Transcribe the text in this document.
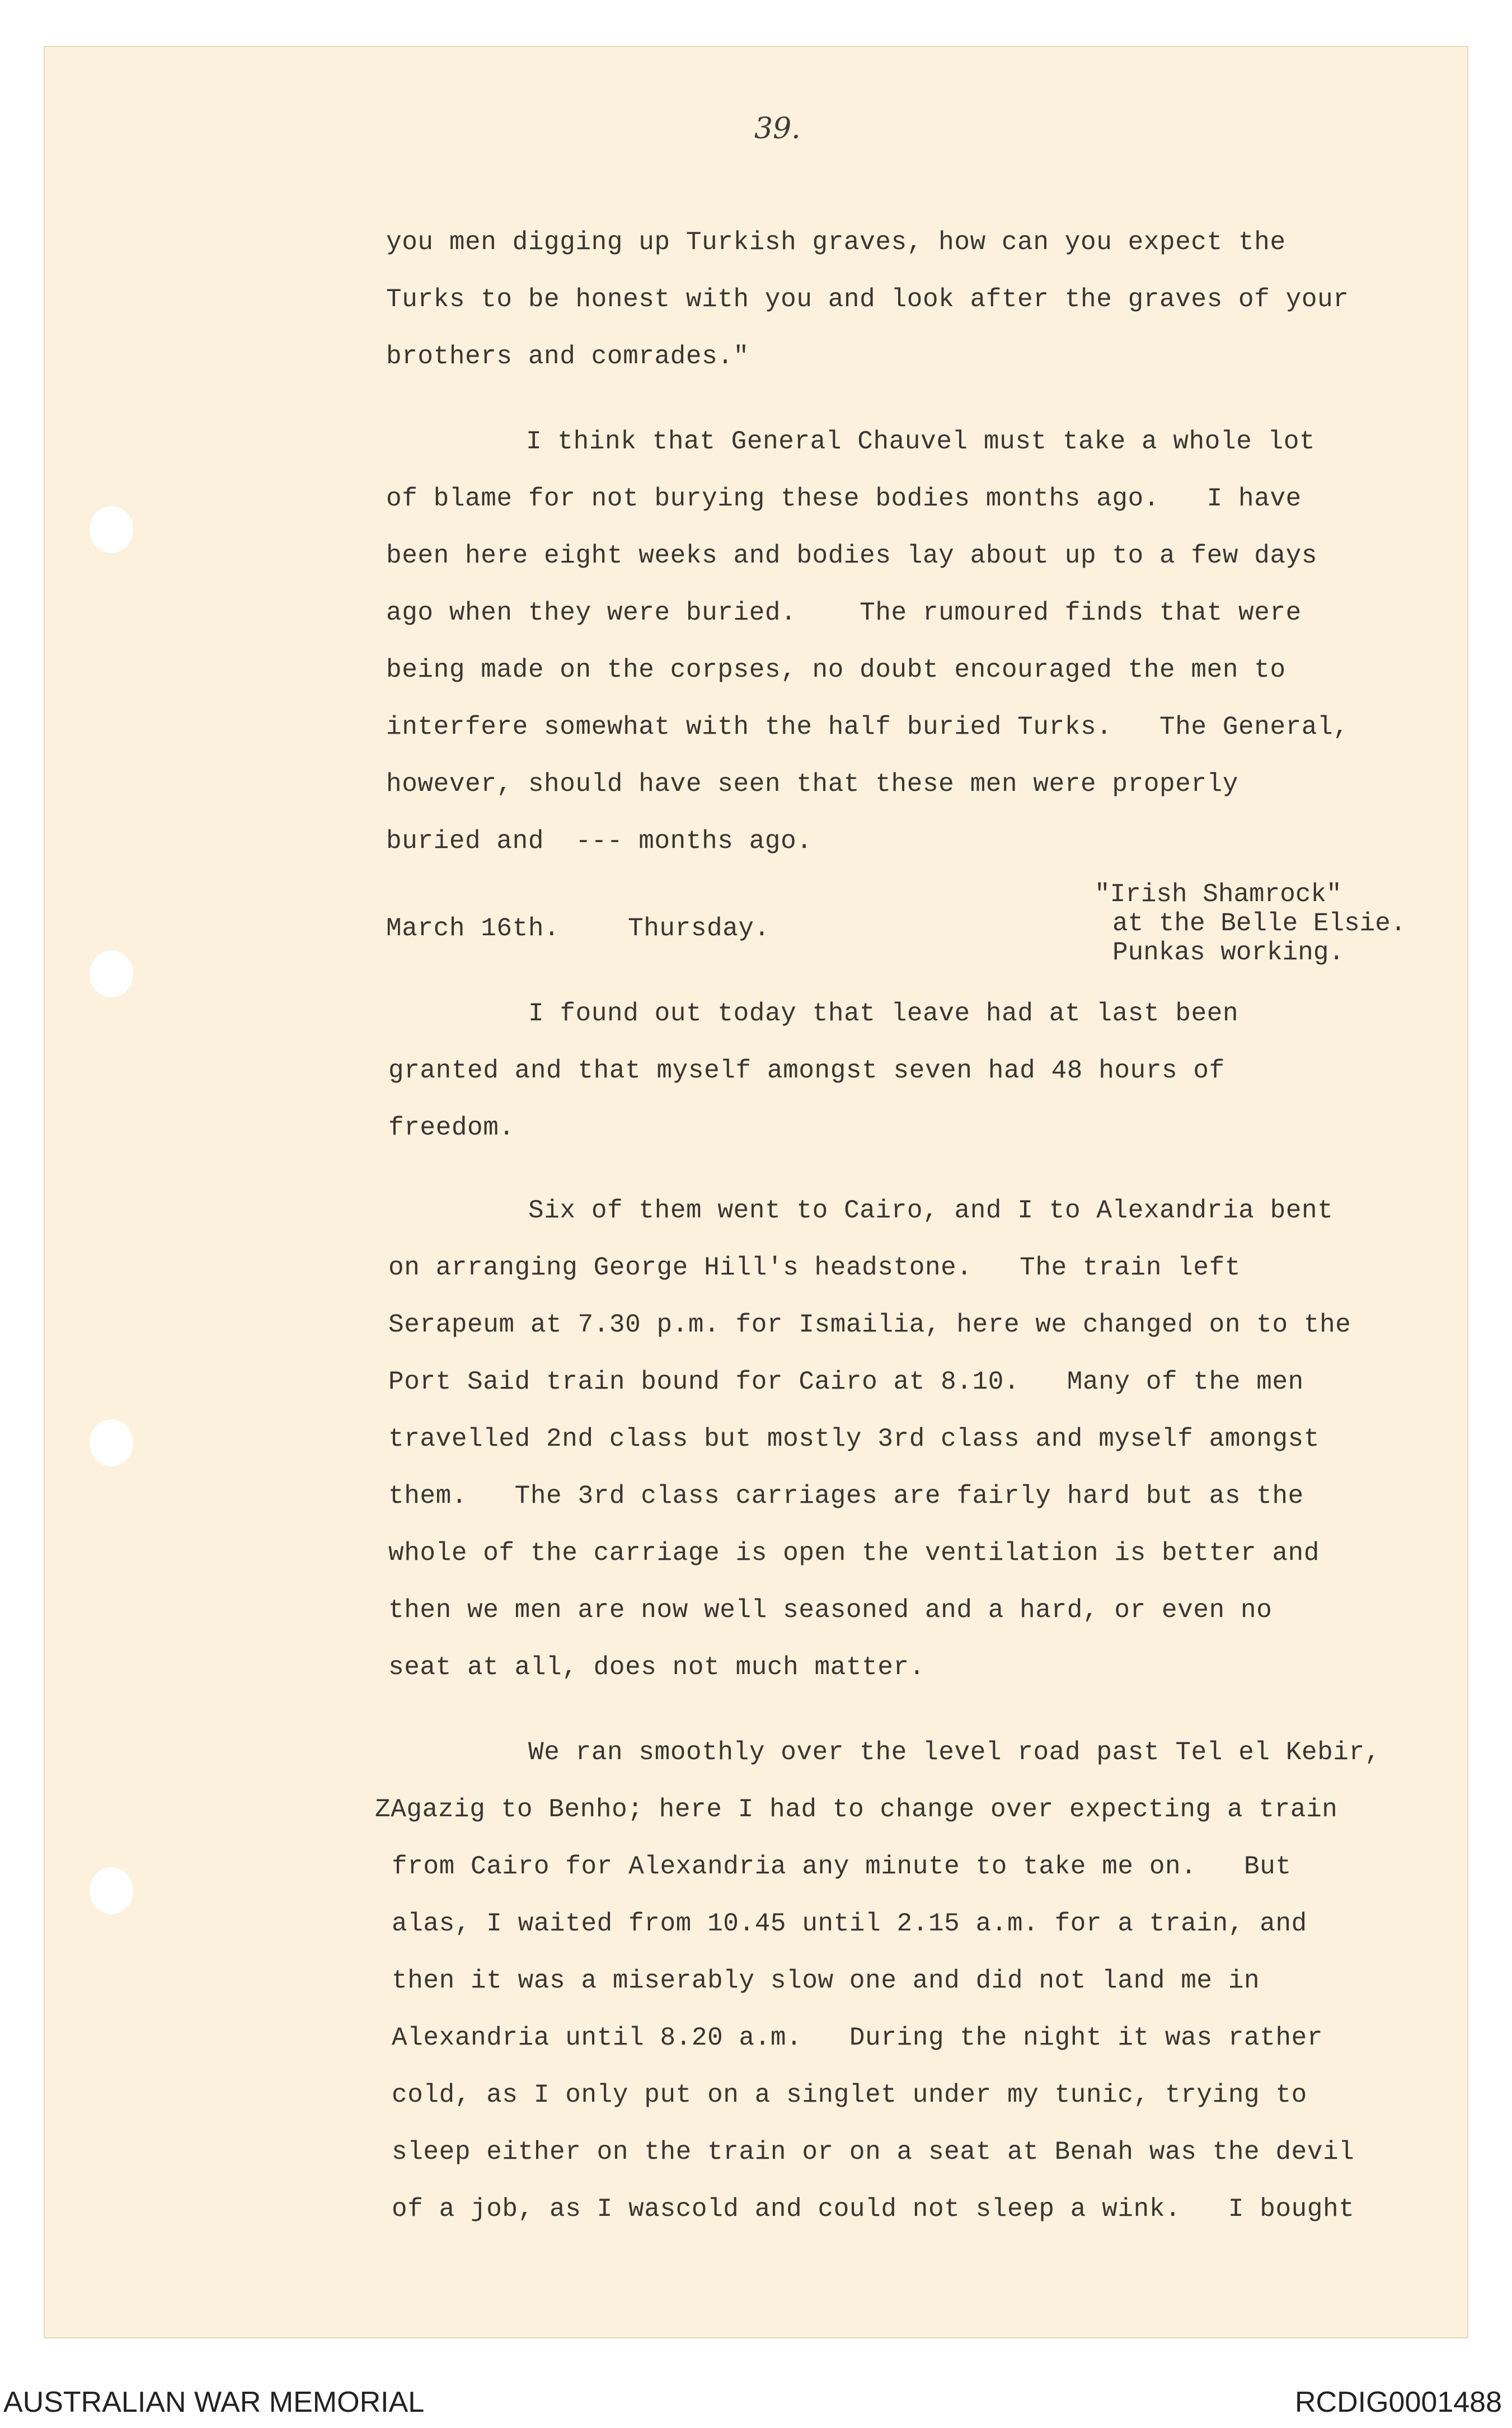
39.
you men digging up Turkish graves, how can you expect the
Turks to be honest with you and look after the graves of your
brothers and comrades."
I think that General Chauvel must take a whole lot
of blame for not burying these bodies months ago.   I have
been here eight weeks and bodies lay about up to a few days
ago when they were buried.    The rumoured finds that were
being made on the corpses, no doubt encouraged the men to
interfere somewhat with the half buried Turks.   The General,
however, should have seen that these men were properly
buried and  --- months ago.
March 16th.	Thursday.
"Irish Shamrock"
at the Belle Elsie.
Punkas working.
I found out today that leave had at last been
granted and that myself amongst seven had 48 hours of
freedom.
Six of them went to Cairo, and I to Alexandria bent
on arranging George Hill's headstone.   The train left
Serapeum at 7.30 p.m. for Ismailia, here we changed on to the
Port Said train bound for Cairo at 8.10.   Many of the men
travelled 2nd class but mostly 3rd class and myself amongst
them.   The 3rd class carriages are fairly hard but as the
whole of the carriage is open the ventilation is better and
then we men are now well seasoned and a hard, or even no
seat at all, does not much matter.
We ran smoothly over the level road past Tel el Kebir,
ZAgazig to Benho; here I had to change over expecting a train
from Cairo for Alexandria any minute to take me on.   But
alas, I waited from 10.45 until 2.15 a.m. for a train, and
then it was a miserably slow one and did not land me in
Alexandria until 8.20 a.m.   During the night it was rather
cold, as I only put on a singlet under my tunic, trying to
sleep either on the train or on a seat at Benah was the devil
of a job, as I wascold and could not sleep a wink.   I bought
AUSTRALIAN WAR MEMORIAL	RCDIG0001488
